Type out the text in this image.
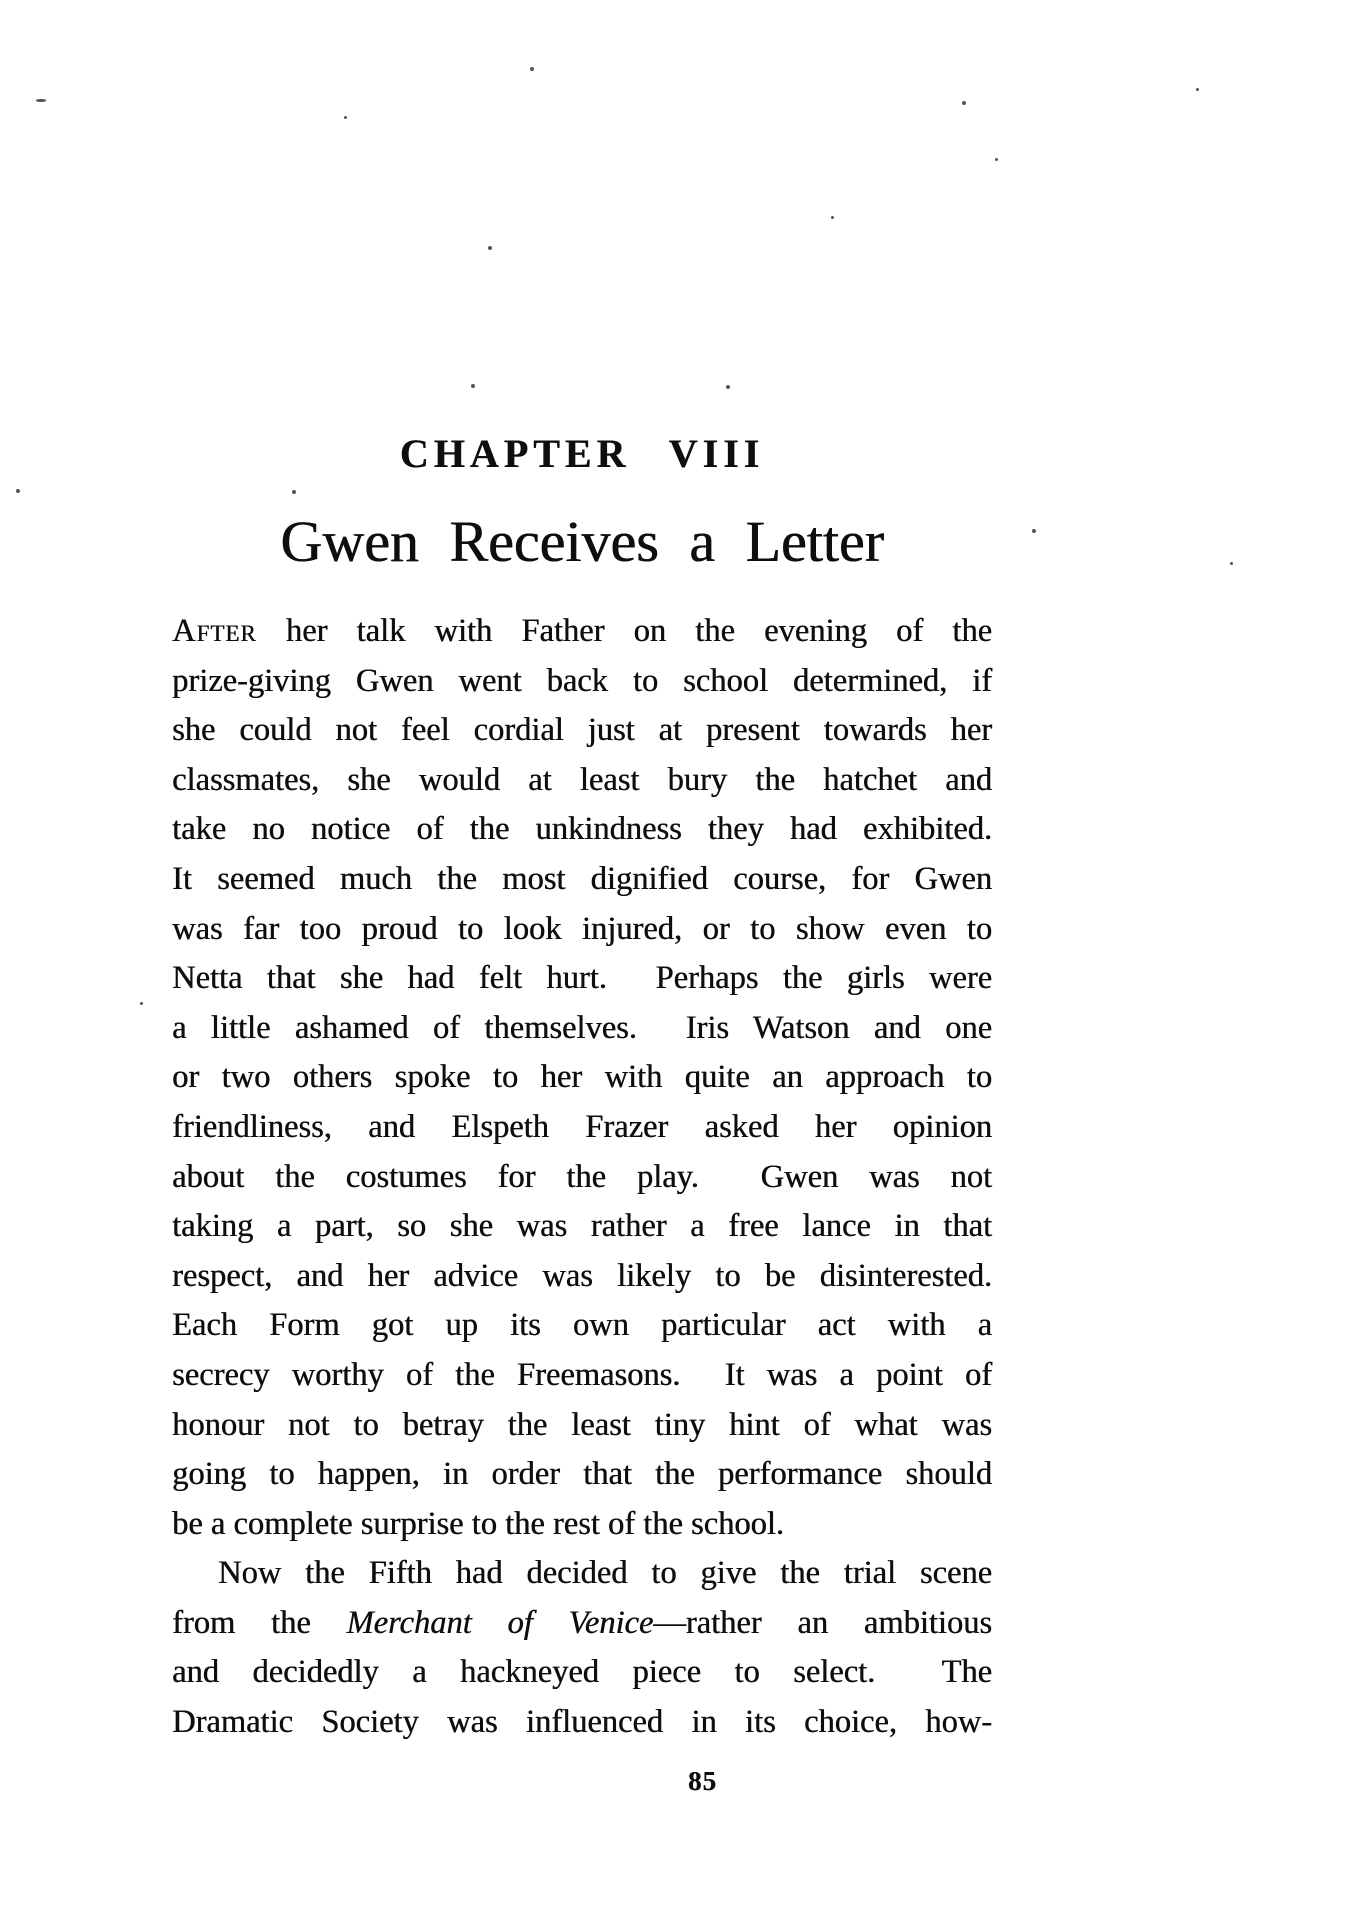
CHAPTER VIII
Gwen Receives a Letter
After her talk with Father on the evening of the
prize-giving Gwen went back to school determined, if
she could not feel cordial just at present towards her
classmates, she would at least bury the hatchet and
take no notice of the unkindness they had exhibited.
It seemed much the most dignified course, for Gwen
was far too proud to look injured, or to show even to
Netta that she had felt hurt.  Perhaps the girls were
a little ashamed of themselves.  Iris Watson and one
or two others spoke to her with quite an approach to
friendliness, and Elspeth Frazer asked her opinion
about the costumes for the play.  Gwen was not
taking a part, so she was rather a free lance in that
respect, and her advice was likely to be disinterested.
Each Form got up its own particular act with a
secrecy worthy of the Freemasons.  It was a point of
honour not to betray the least tiny hint of what was
going to happen, in order that the performance should
be a complete surprise to the rest of the school.
Now the Fifth had decided to give the trial scene
from the Merchant of Venice—rather an ambitious
and decidedly a hackneyed piece to select.  The
Dramatic Society was influenced in its choice, how-
85
